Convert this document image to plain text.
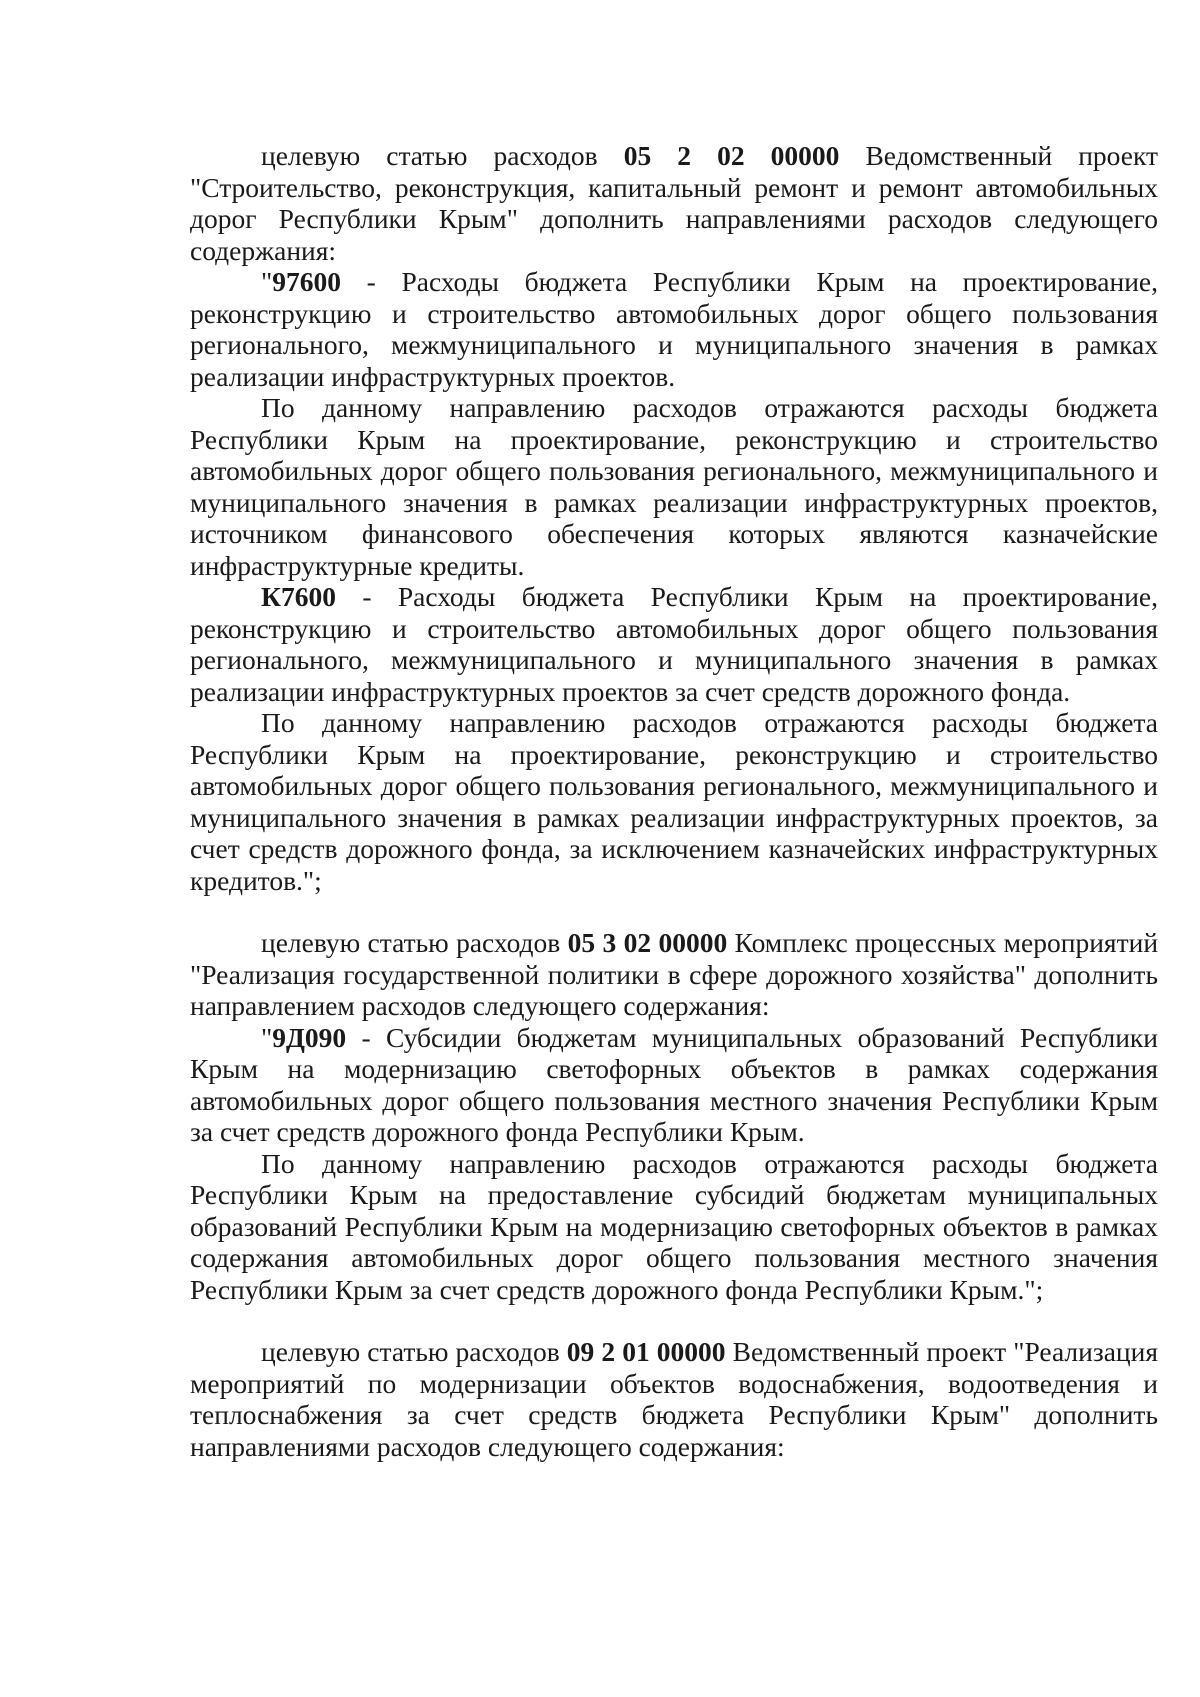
целевую статью расходов 05 2 02 00000 Ведомственный проект "Строительство, реконструкция, капитальный ремонт и ремонт автомобильных дорог Республики Крым" дополнить направлениями расходов следующего содержания:

"97600 - Расходы бюджета Республики Крым на проектирование, реконструкцию и строительство автомобильных дорог общего пользования регионального, межмуниципального и муниципального значения в рамках реализации инфраструктурных проектов.

По данному направлению расходов отражаются расходы бюджета Республики Крым на проектирование, реконструкцию и строительство автомобильных дорог общего пользования регионального, межмуниципального и муниципального значения в рамках реализации инфраструктурных проектов, источником финансового обеспечения которых являются казначейские инфраструктурные кредиты.

К7600 - Расходы бюджета Республики Крым на проектирование, реконструкцию и строительство автомобильных дорог общего пользования регионального, межмуниципального и муниципального значения в рамках реализации инфраструктурных проектов за счет средств дорожного фонда.

По данному направлению расходов отражаются расходы бюджета Республики Крым на проектирование, реконструкцию и строительство автомобильных дорог общего пользования регионального, межмуниципального и муниципального значения в рамках реализации инфраструктурных проектов, за счет средств дорожного фонда, за исключением казначейских инфраструктурных кредитов.";

целевую статью расходов 05 3 02 00000 Комплекс процессных мероприятий "Реализация государственной политики в сфере дорожного хозяйства" дополнить направлением расходов следующего содержания:

"9Д090 - Субсидии бюджетам муниципальных образований Республики Крым на модернизацию светофорных объектов в рамках содержания автомобильных дорог общего пользования местного значения Республики Крым за счет средств дорожного фонда Республики Крым.

По данному направлению расходов отражаются расходы бюджета Республики Крым на предоставление субсидий бюджетам муниципальных образований Республики Крым на модернизацию светофорных объектов в рамках содержания автомобильных дорог общего пользования местного значения Республики Крым за счет средств дорожного фонда Республики Крым.";

целевую статью расходов 09 2 01 00000 Ведомственный проект "Реализация мероприятий по модернизации объектов водоснабжения, водоотведения и теплоснабжения за счет средств бюджета Республики Крым" дополнить направлениями расходов следующего содержания:
